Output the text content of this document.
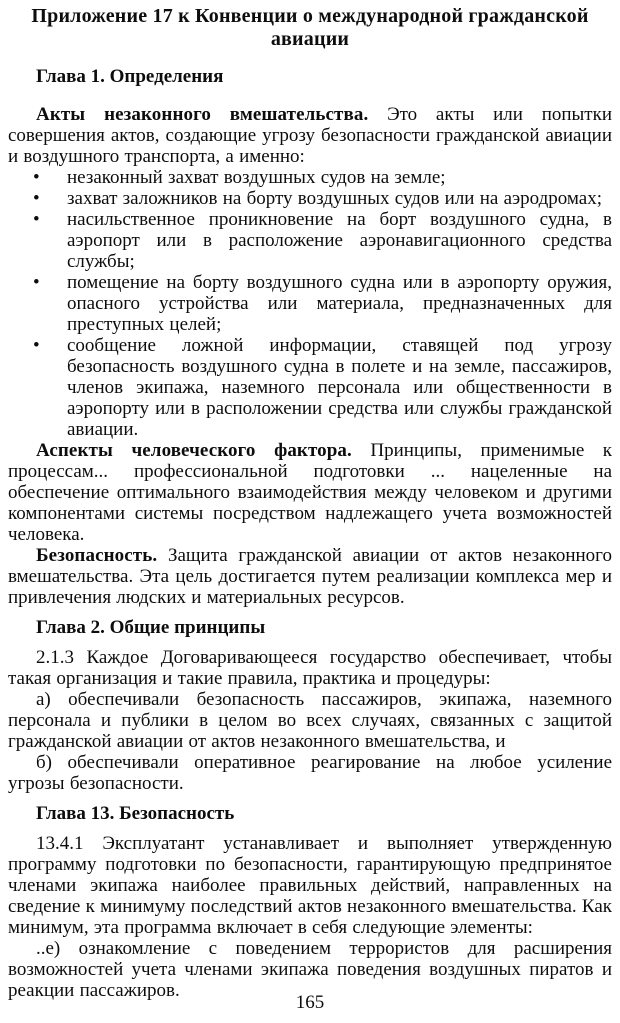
Приложение 17 к Конвенции о международной гражданской авиации
Глава 1. Определения

Акты незаконного вмешательства. Это акты или попытки совершения актов, создающие угрозу безопасности гражданской авиации и воздушного транспорта, а именно:

• незаконный захват воздушных судов на земле;
• захват заложников на борту воздушных судов или на аэродромах;
• насильственное проникновение на борт воздушного судна, в аэропорт или в расположение аэронавигационного средства службы;
• помещение на борту воздушного судна или в аэропорту оружия, опасного устройства или материала, предназначенных для преступных целей;
• сообщение ложной информации, ставящей под угрозу безопасность воздушного судна в полете и на земле, пассажиров, членов экипажа, наземного персонала или общественности в аэропорту или в расположении средства или службы гражданской авиации.

Аспекты человеческого фактора. Принципы, применимые к процессам... профессиональной подготовки ... нацеленные на обеспечение оптимального взаимодействия между человеком и другими компонентами системы посредством надлежащего учета возможностей человека.

Безопасность. Защита гражданской авиации от актов незаконного вмешательства. Эта цель достигается путем реализации комплекса мер и привлечения людских и материальных ресурсов.

Глава 2. Общие принципы

2.1.3 Каждое Договаривающееся государство обеспечивает, чтобы такая организация и такие правила, практика и процедуры:

а) обеспечивали безопасность пассажиров, экипажа, наземного персонала и публики в целом во всех случаях, связанных с защитой гражданской авиации от актов незаконного вмешательства, и

б) обеспечивали оперативное реагирование на любое усиление угрозы безопасности.

Глава 13. Безопасность

13.4.1 Эксплуатант устанавливает и выполняет утвержденную программу подготовки по безопасности, гарантирующую предпринятое членами экипажа наиболее правильных действий, направленных на сведение к минимуму последствий актов незаконного вмешательства. Как минимум, эта программа включает в себя следующие элементы:

..е) ознакомление с поведением террористов для расширения возможностей учета членами экипажа поведения воздушных пиратов и реакции пассажиров.

165
